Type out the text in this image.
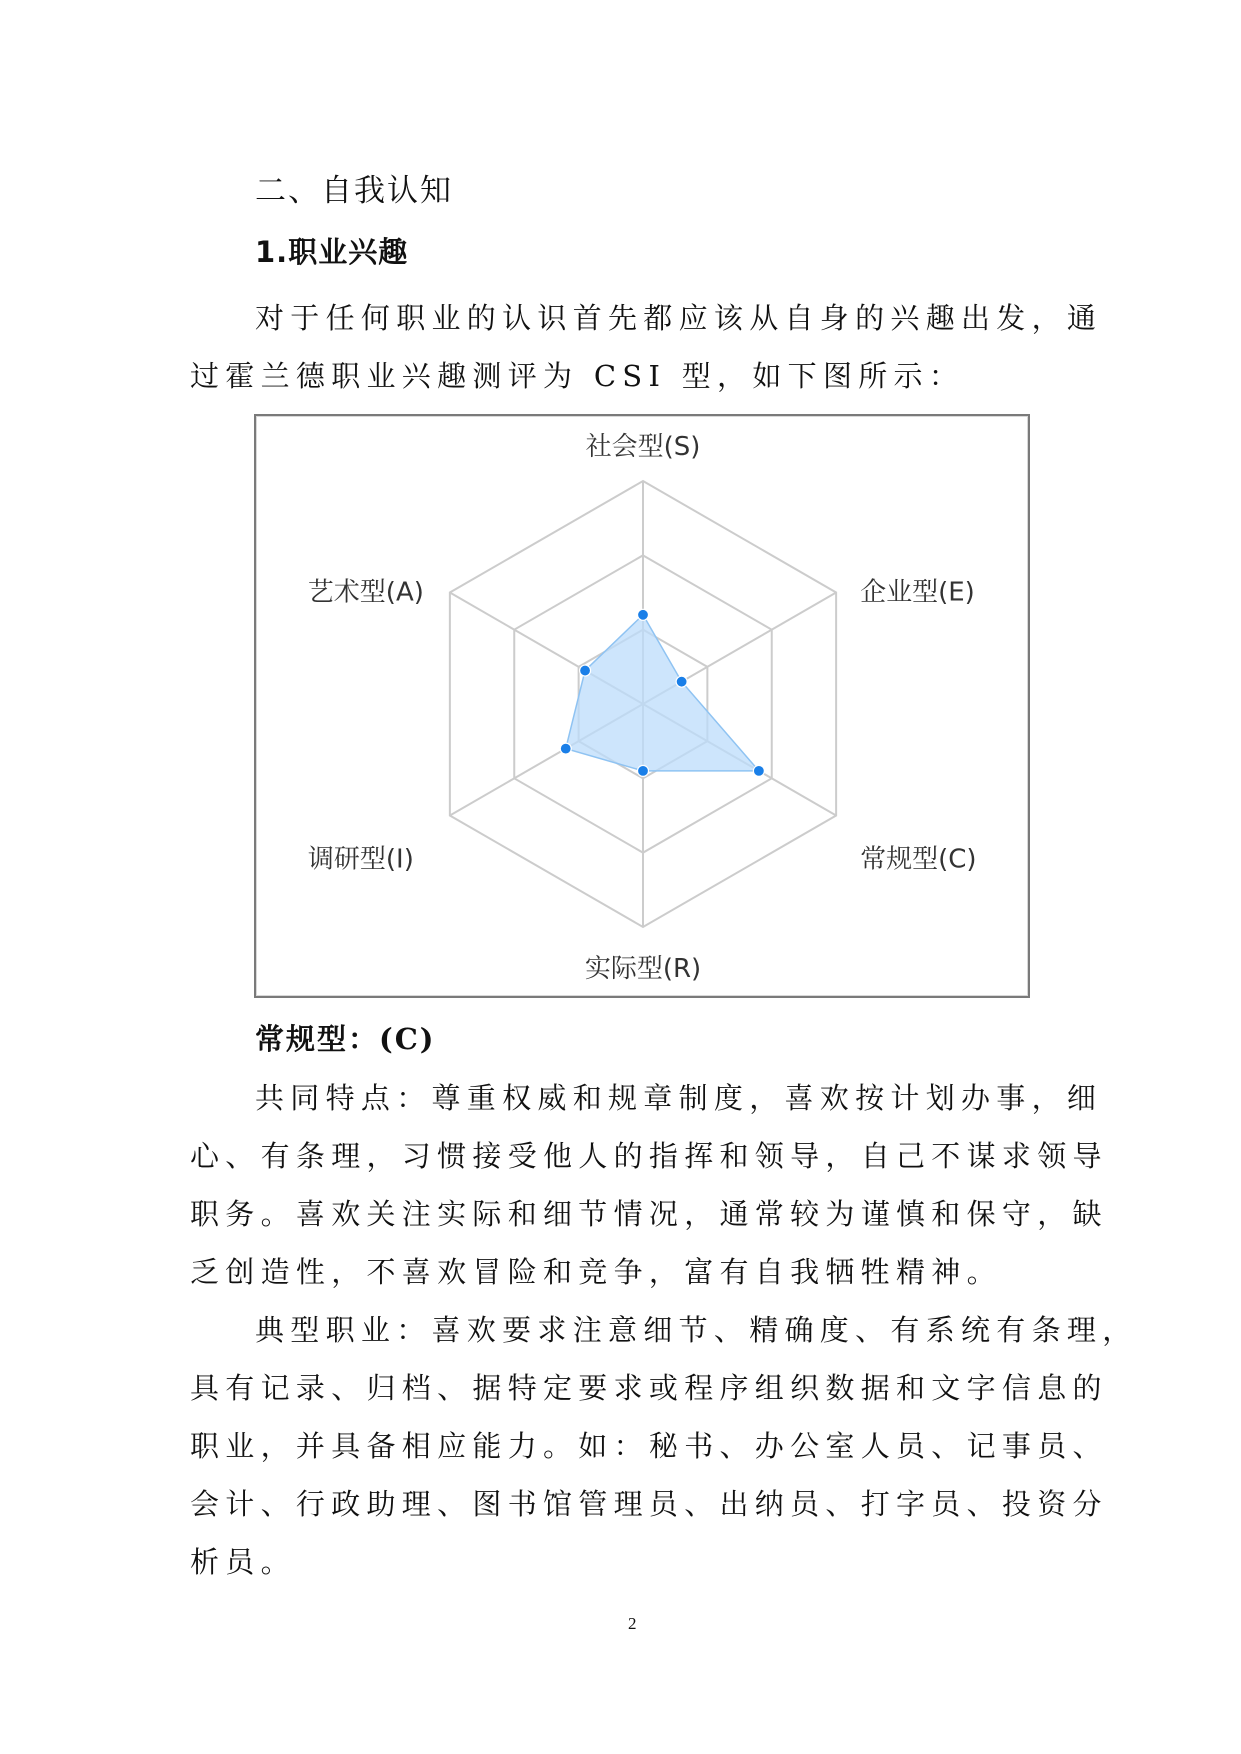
二、自我认知

1.职业兴趣

对于任何职业的认识首先都应该从自身的兴趣出发，通

过霍兰德职业兴趣测评为 CSI 型，如下图所示：

社会型(S)
企业型(E)
常规型(C)
实际型(R)
调研型(I)
艺术型(A)

常规型：(C)

共同特点：尊重权威和规章制度，喜欢按计划办事，细

心、有条理，习惯接受他人的指挥和领导，自己不谋求领导

职务。喜欢关注实际和细节情况，通常较为谨慎和保守，缺

乏创造性，不喜欢冒险和竞争，富有自我牺牲精神。

典型职业：喜欢要求注意细节、精确度、有系统有条理，

具有记录、归档、据特定要求或程序组织数据和文字信息的

职业，并具备相应能力。如：秘书、办公室人员、记事员、

会计、行政助理、图书馆管理员、出纳员、打字员、投资分

析员。

2
